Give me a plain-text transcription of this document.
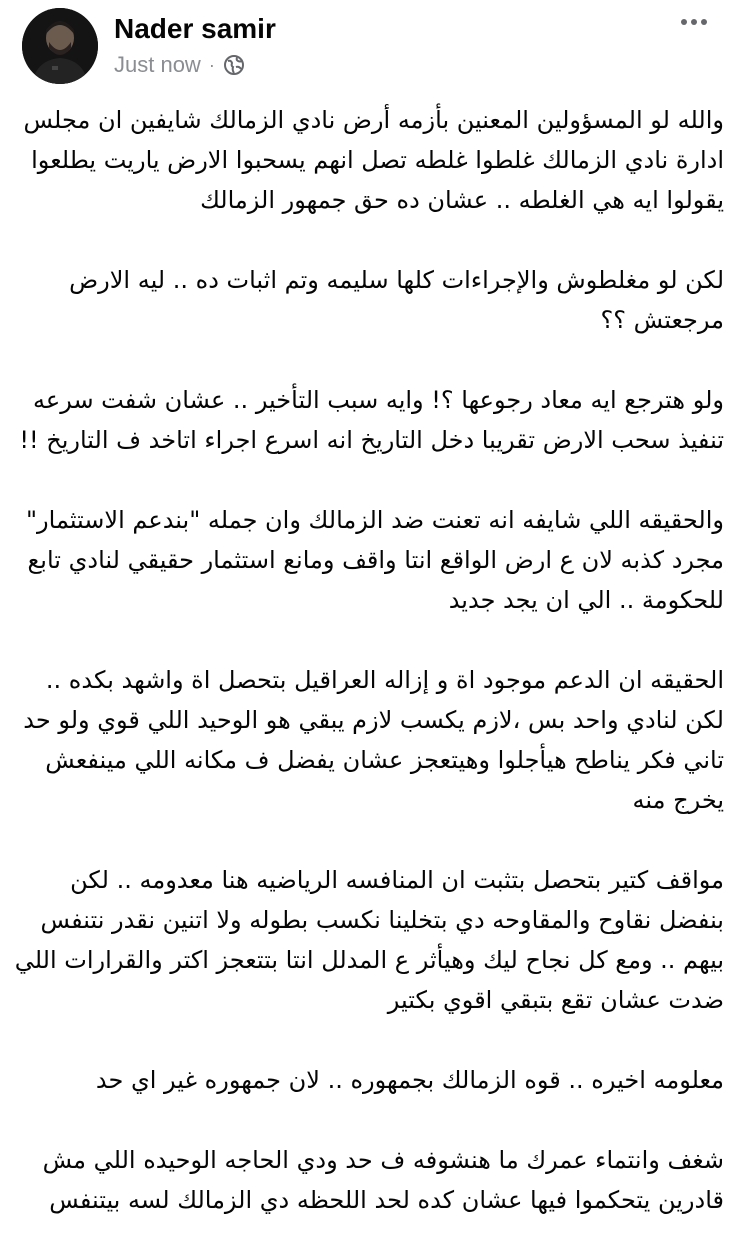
Nader samir
Just now ·

والله لو المسؤولين المعنين بأزمه أرض نادي الزمالك شايفين ان مجلس ادارة نادي الزمالك غلطوا غلطه تصل انهم يسحبوا الارض ياريت يطلعوا يقولوا ايه هي الغلطه .. عشان ده حق جمهور الزمالك

لكن لو مغلطوش والإجراءات كلها سليمه وتم اثبات ده .. ليه الارض مرجعتش ؟؟

ولو هترجع ايه معاد رجوعها ؟! وايه سبب التأخير .. عشان شفت سرعه تنفيذ سحب الارض تقريبا دخل التاريخ انه اسرع اجراء اتاخد ف التاريخ !!

والحقيقه اللي شايفه انه تعنت ضد الزمالك وان جمله "بندعم الاستثمار" مجرد كذبه لان ع ارض الواقع انتا واقف ومانع استثمار حقيقي لنادي تابع للحكومة .. الي ان يجد جديد

الحقيقه ان الدعم موجود اة و إزاله العراقيل بتحصل اة واشهد بكده .. لكن لنادي واحد بس ،لازم يكسب لازم يبقي هو الوحيد اللي قوي ولو حد تاني فكر يناطح هيأجلوا وهيتعجز عشان يفضل ف مكانه اللي مينفعش يخرج منه

مواقف كتير بتحصل بتثبت ان المنافسه الرياضيه هنا معدومه .. لكن بنفضل نقاوح والمقاوحه دي بتخلينا نكسب بطوله ولا اتنين نقدر نتنفس بيهم .. ومع كل نجاح ليك وهيأثر ع المدلل انتا بتتعجز اكتر والقرارات اللي ضدت عشان تقع بتبقي اقوي بكتير

معلومه اخيره .. قوه الزمالك بجمهوره .. لان جمهوره غير اي حد

شغف وانتماء عمرك ما هنشوفه ف حد ودي الحاجه الوحيده اللي مش قادرين يتحكموا فيها عشان كده لحد اللحظه دي الزمالك لسه بيتنفس
